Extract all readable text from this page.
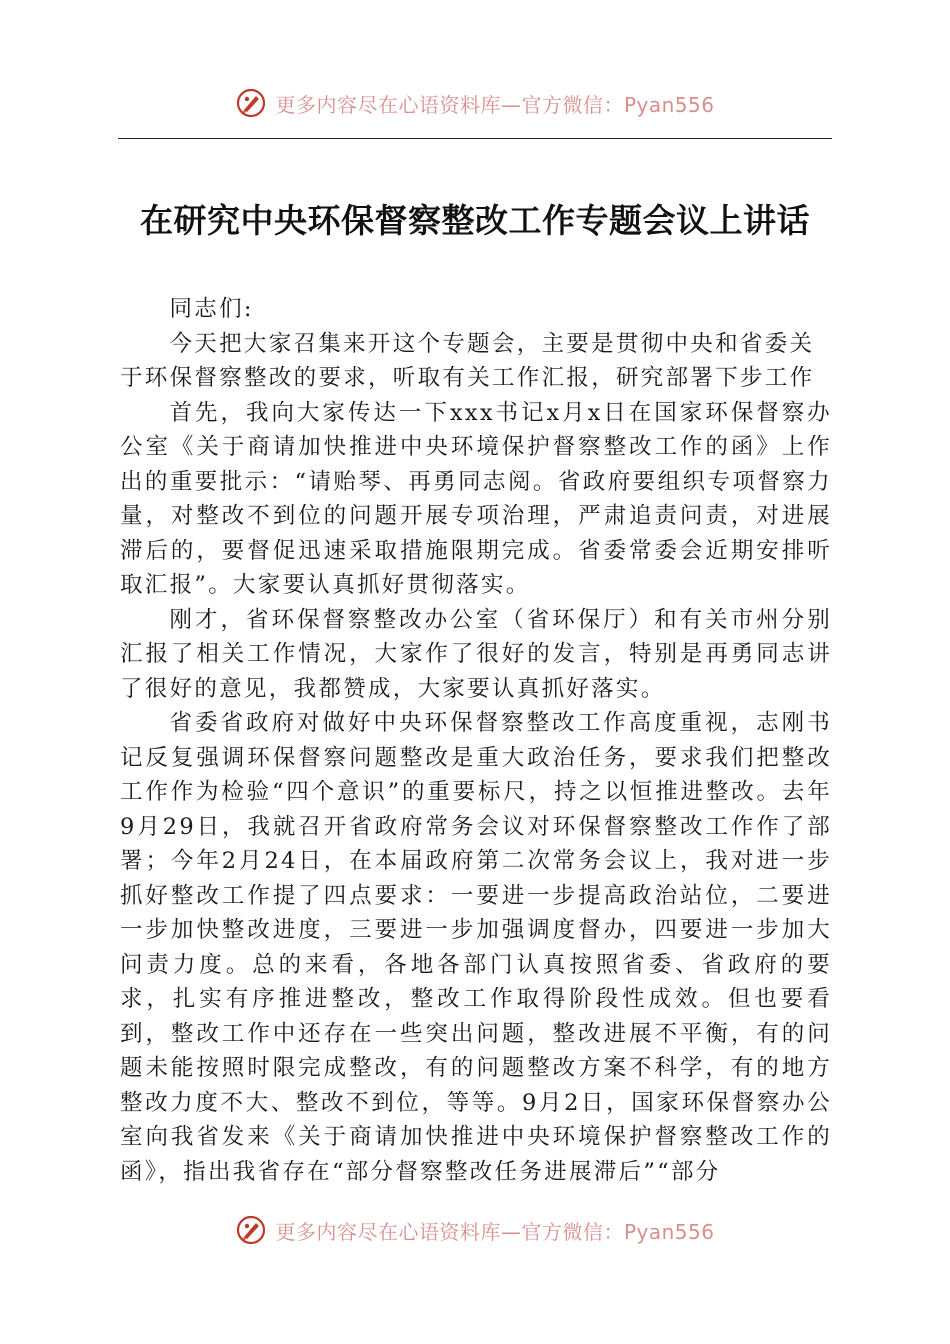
更多内容尽在心语资料库—官方微信：Pyan556
在研究中央环保督察整改工作专题会议上讲话

同志们:

今天把大家召集来开这个专题会，主要是贯彻中央和省委关

于环保督察整改的要求，听取有关工作汇报，研究部署下步工作

首先，我向大家传达一下xxx书记x月x日在国家环保督察办公室《关于商请加快推进中央环境保护督察整改工作的函》上作出的重要批示：“请贻琴、再勇同志阅。省政府要组织专项督察力量，对整改不到位的问题开展专项治理，严肃追责问责，对进展滞后的，要督促迅速采取措施限期完成。省委常委会近期安排听取汇报”。大家要认真抓好贯彻落实。

刚才，省环保督察整改办公室（省环保厅）和有关市州分别汇报了相关工作情况，大家作了很好的发言，特别是再勇同志讲了很好的意见，我都赞成，大家要认真抓好落实。

省委省政府对做好中央环保督察整改工作高度重视，志刚书记反复强调环保督察问题整改是重大政治任务，要求我们把整改工作作为检验“四个意识”的重要标尺，持之以恒推进整改。去年9月29日，我就召开省政府常务会议对环保督察整改工作作了部署；今年2月24日，在本届政府第二次常务会议上，我对进一步抓好整改工作提了四点要求：一要进一步提高政治站位，二要进一步加快整改进度，三要进一步加强调度督办，四要进一步加大问责力度。总的来看，各地各部门认真按照省委、省政府的要求，扎实有序推进整改，整改工作取得阶段性成效。但也要看到，整改工作中还存在一些突出问题，整改进展不平衡，有的问题未能按照时限完成整改，有的问题整改方案不科学，有的地方整改力度不大、整改不到位，等等。9月2日，国家环保督察办公室向我省发来《关于商请加快推进中央环境保护督察整改工作的函》，指出我省存在“部分督察整改任务进展滞后”“部分

更多内容尽在心语资料库—官方微信：Pyan556
